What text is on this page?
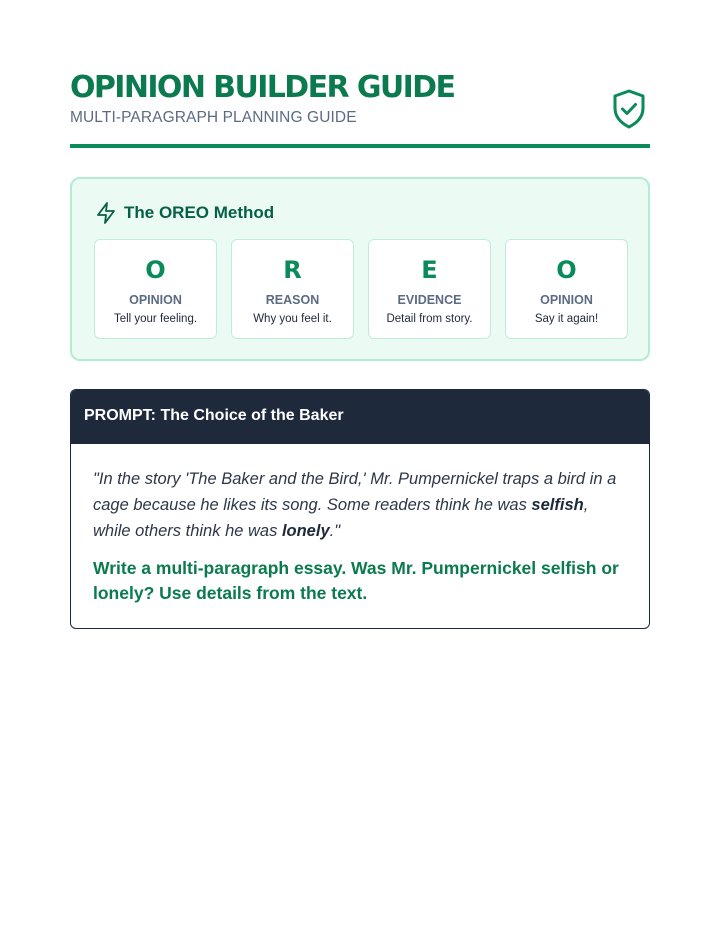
OPINION BUILDER GUIDE
MULTI-PARAGRAPH PLANNING GUIDE
The OREO Method
O
OPINION
Tell your feeling.
R
REASON
Why you feel it.
E
EVIDENCE
Detail from story.
O
OPINION
Say it again!
PROMPT: The Choice of the Baker

"In the story 'The Baker and the Bird,' Mr. Pumpernickel traps a bird in a cage because he likes its song. Some readers think he was selfish, while others think he was lonely."

Write a multi-paragraph essay. Was Mr. Pumpernickel selfish or lonely? Use details from the text.
